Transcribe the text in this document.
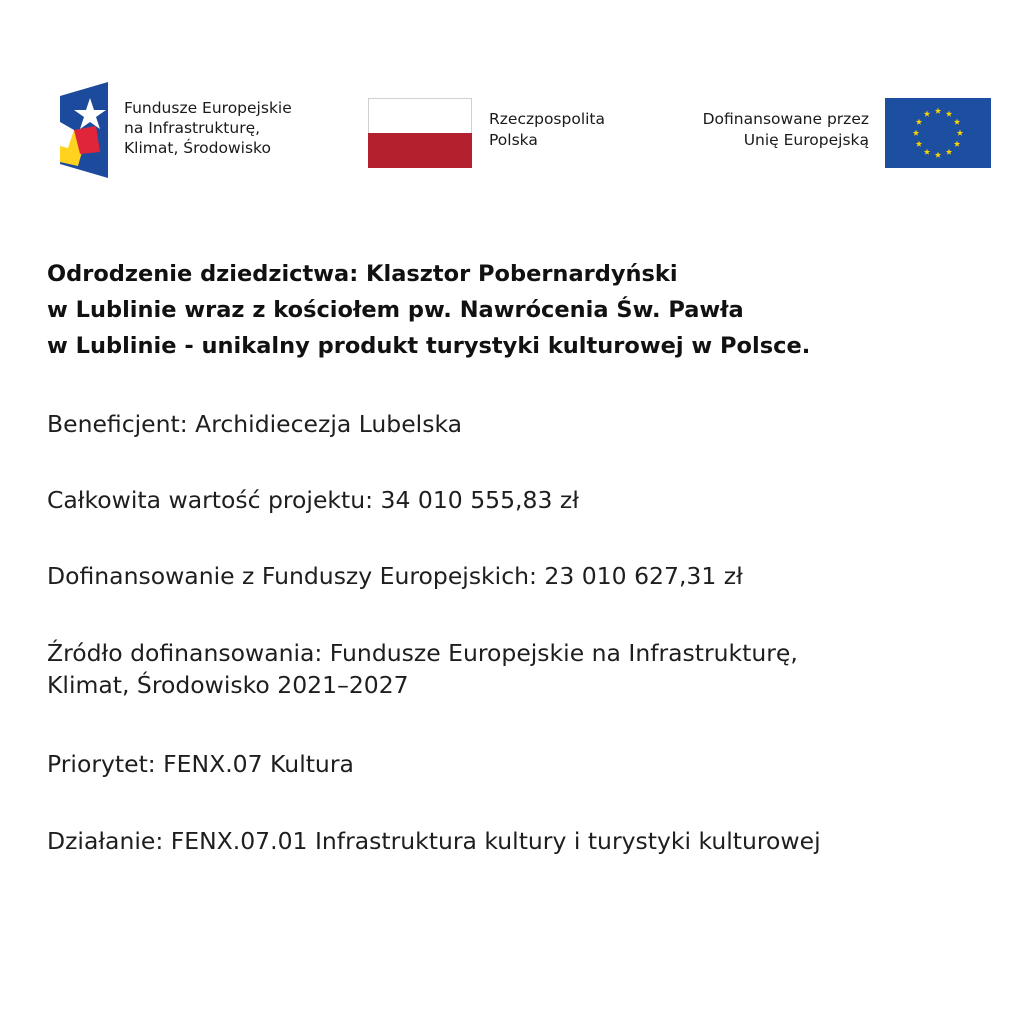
Fundusze Europejskie
na Infrastrukturę,
Klimat, Środowisko
Rzeczpospolita
Polska
Dofinansowane przez
Unię Europejską
Odrodzenie dziedzictwa: Klasztor Pobernardyński
w Lublinie wraz z kościołem pw. Nawrócenia Św. Pawła
w Lublinie - unikalny produkt turystyki kulturowej w Polsce.

Beneficjent: Archidiecezja Lubelska

Całkowita wartość projektu: 34 010 555,83 zł

Dofinansowanie z Funduszy Europejskich: 23 010 627,31 zł

Źródło dofinansowania: Fundusze Europejskie na Infrastrukturę,
Klimat, Środowisko 2021–2027

Priorytet: FENX.07 Kultura

Działanie: FENX.07.01 Infrastruktura kultury i turystyki kulturowej
